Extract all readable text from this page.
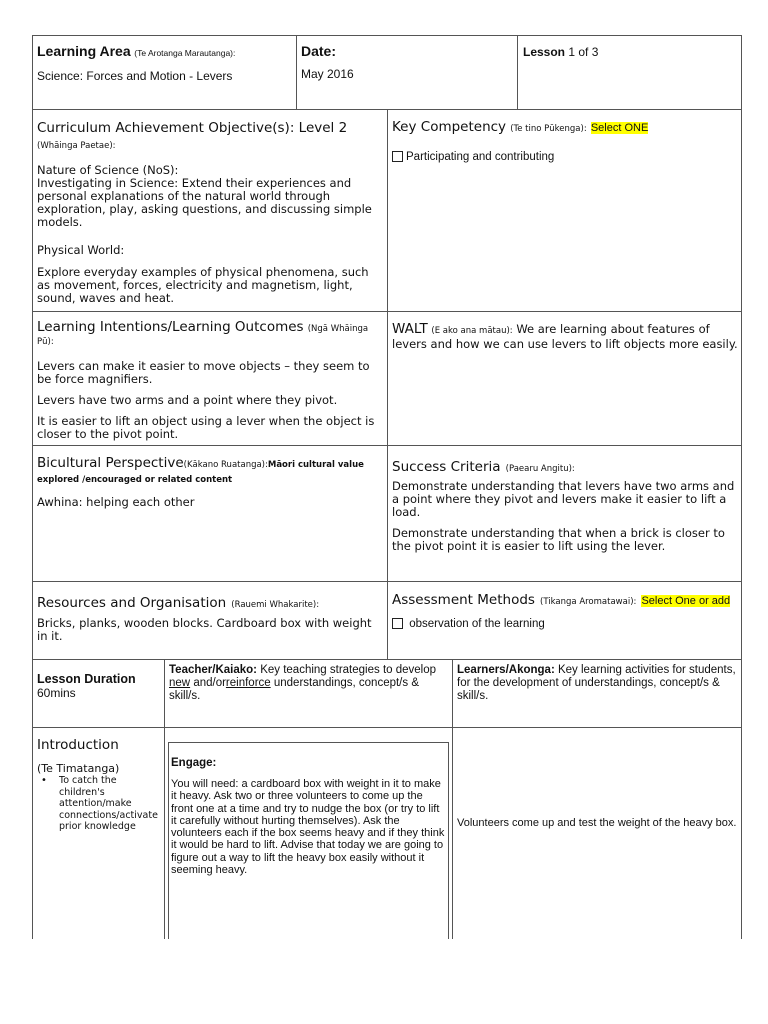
Learning Area (Te Arotanga Marautanga):

Science: Forces and Motion - Levers

Date:

May 2016

Lesson 1 of 3

Curriculum Achievement Objective(s): Level 2 (Whāinga Paetae):

Nature of Science (NoS):

Investigating in Science: Extend their experiences and personal explanations of the natural world through exploration, play, asking questions, and discussing simple models.

Physical World:

Explore everyday examples of physical phenomena, such as movement, forces, electricity and magnetism, light, sound, waves and heat.

Key Competency (Te tino Pūkenga): Select ONE

Participating and contributing

Learning Intentions/Learning Outcomes (Ngā Whāinga Pū):

Levers can make it easier to move objects – they seem to be force magnifiers.

Levers have two arms and a point where they pivot.

It is easier to lift an object using a lever when the object is closer to the pivot point.

WALT (E ako ana mātau): We are learning about features of levers and how we can use levers to lift objects more easily.

Bicultural Perspective(Kākano Ruatanga):Māori cultural value explored /encouraged or related content

Awhina: helping each other

Success Criteria (Paearu Angitu):

Demonstrate understanding that levers have two arms and a point where they pivot and levers make it easier to lift a load.

Demonstrate understanding that when a brick is closer to the pivot point it is easier to lift using the lever.

Resources and Organisation (Rauemi Whakarite):

Bricks, planks, wooden blocks. Cardboard box with weight in it.

Assessment Methods (Tikanga Aromatawai): Select One or add

observation of the learning

Lesson Duration

60mins

Teacher/Kaiako: Key teaching strategies to develop new and/orreinforce understandings, concept/s & skill/s.

Learners/Akonga: Key learning activities for students, for the development of understandings, concept/s & skill/s.

Introduction

(Te Timatanga)

• To catch the children's attention/make connections/activate prior knowledge

Engage:

You will need: a cardboard box with weight in it to make it heavy. Ask two or three volunteers to come up the front one at a time and try to nudge the box (or try to lift it carefully without hurting themselves). Ask the volunteers each if the box seems heavy and if they think it would be hard to lift. Advise that today we are going to figure out a way to lift the heavy box easily without it seeming heavy.

Volunteers come up and test the weight of the heavy box.
